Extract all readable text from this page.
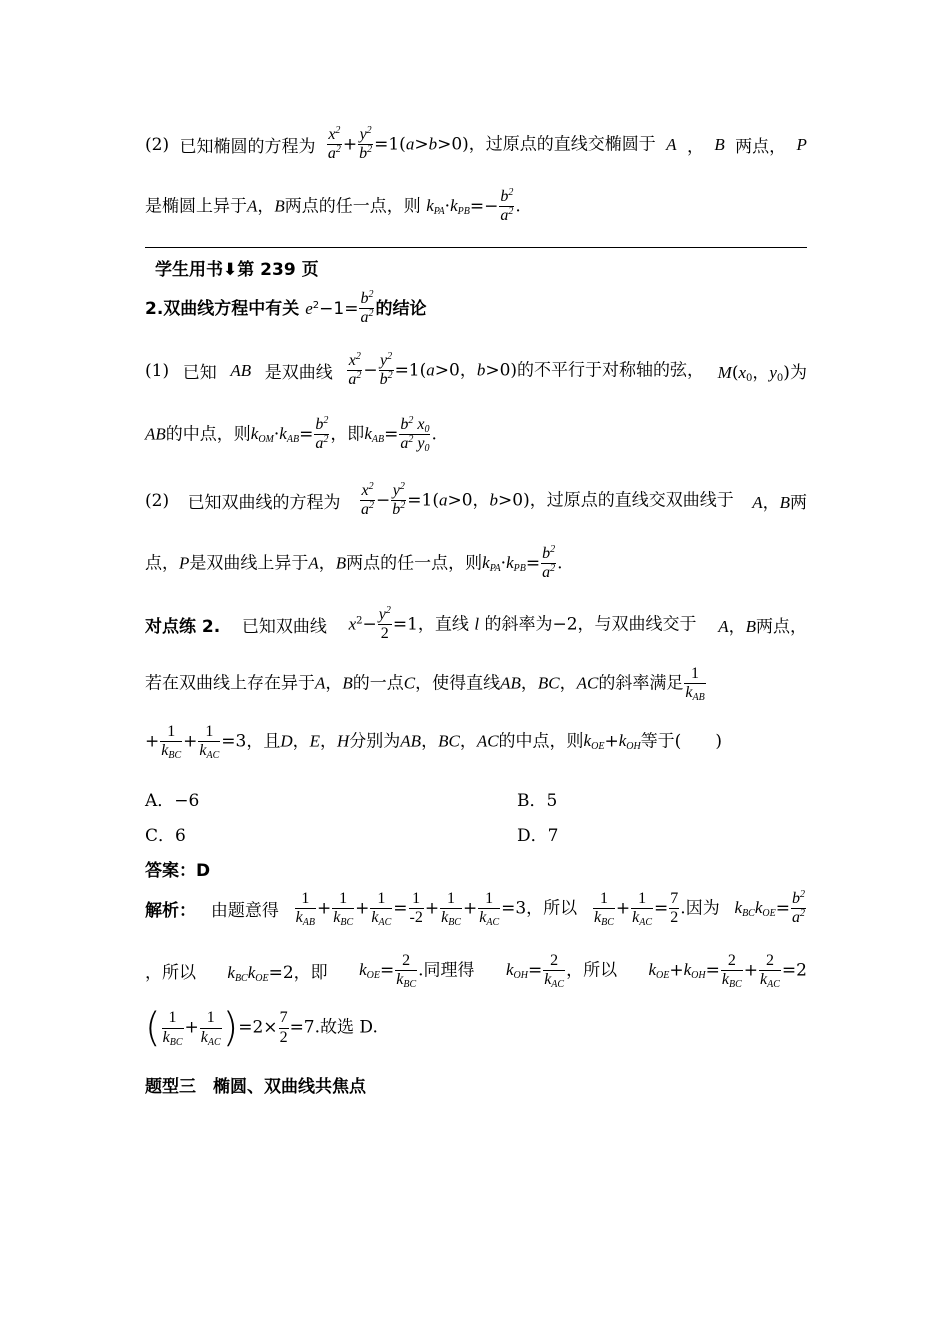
(2) 已知椭圆的方程为 $\frac{x^2}{a^2} + \frac{y^2}{b^2} =1(a>b>0)$，过原点的直线交椭圆于 A ， B 两点， P
是椭圆上异于A，B两点的任一点，则 $k_{PA}\cdot k_{PB}=- \frac{b^2}{a^2}$ .
学生用书⬇第 239 页
2.双曲线方程中有关 $e^2-1= \frac{b^2}{a^2}$ 的结论
(1) 已知 AB 是双曲线 $\frac{x^2}{a^2} - \frac{y^2}{b^2} =1(a>0$，b>0)的不平行于对称轴的弦， $M(x_0$，$y_0$)为
AB的中点，则$k_{OM}\cdot k_{AB}= \frac{b^2}{a^2}$ ，即$k_{AB}= \frac{b^2 x_0}{a^2 y_0}$ .
(2) 已知双曲线的方程为 $\frac{x^2}{a^2} - \frac{y^2}{b^2} =1(a>0$，b>0)，过原点的直线交双曲线于 A，B两
点，P是双曲线上异于A，B两点的任一点，则$k_{PA}\cdot k_{PB}= \frac{b^2}{a^2}$ .
对点练 2. 已知双曲线 $x^2- \frac{y^2}{2} =1$，直线 l 的斜率为−2，与双曲线交于 A，B两点，
若在双曲线上存在异于A，B的一点C，使得直线AB，BC，AC的斜率满足 $\frac{1}{k_{AB}}$
+ $\frac{1}{k_{BC}} + \frac{1}{k_{AC}} =3$，且D，E，H分别为AB，BC，AC的中点，则$k_{OE}+k_{OH}$等于(　　)
A．−6	B．5
C．6	D．7
答案：D
解析： 由题意得 $\frac{1}{k_{AB}} + \frac{1}{k_{BC}} + \frac{1}{k_{AC}} = \frac{1}{-2} + \frac{1}{k_{BC}} + \frac{1}{k_{AC}} =3$，所以 $\frac{1}{k_{BC}} + \frac{1}{k_{AC}} = \frac{7}{2}$ .因为 $k_{BC}k_{OE}= \frac{b^2}{a^2}$
，所以 $k_{BC}k_{OE}=2$，即 $k_{OE}= \frac{2}{k_{BC}}$ .同理得 $k_{OH}= \frac{2}{k_{AC}}$ ，所以 $k_{OE}+k_{OH}= \frac{2}{k_{BC}} + \frac{2}{k_{AC}} =2$
( $\frac{1}{k_{BC}} + \frac{1}{k_{AC}} )=2\times \frac{7}{2} =7$.故选 D.
题型三　椭圆、双曲线共焦点
